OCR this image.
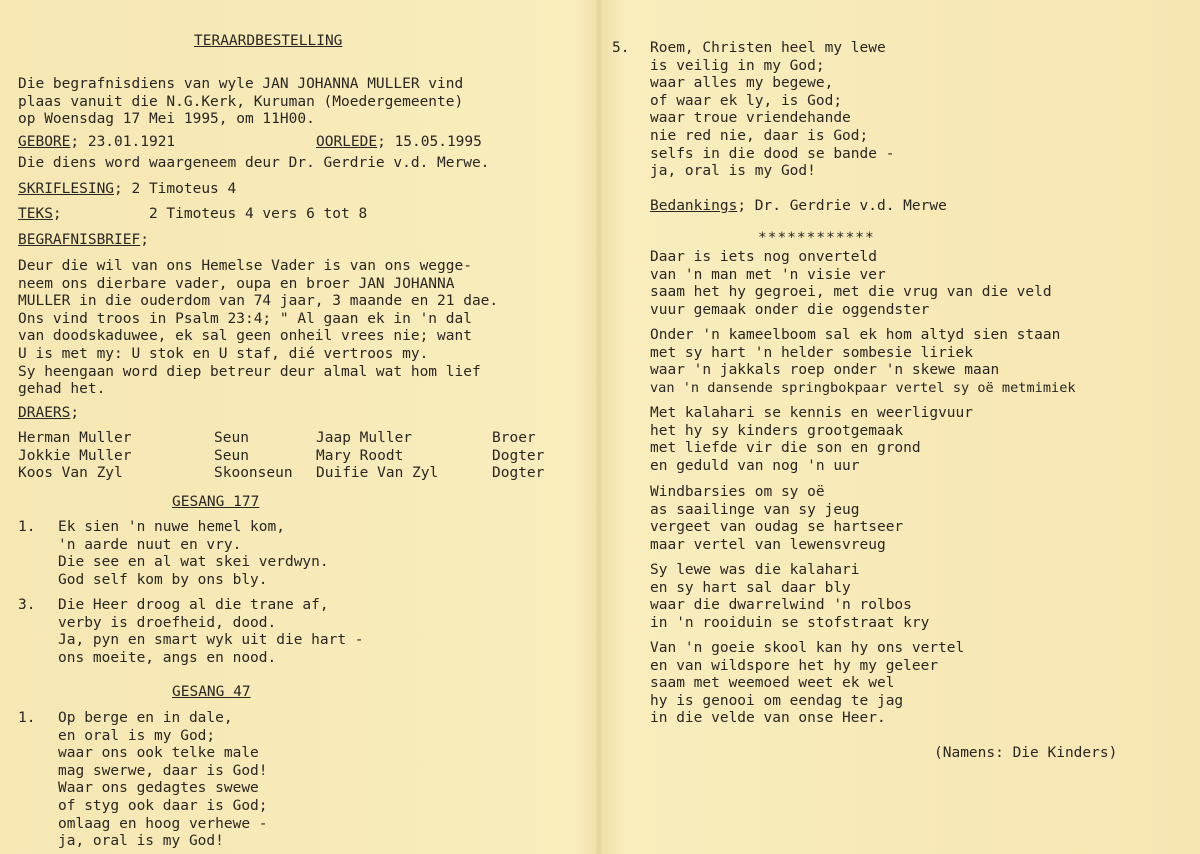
TERAARDBESTELLING
Die begrafnisdiens van wyle JAN JOHANNA MULLER vind
plaas vanuit die N.G.Kerk, Kuruman (Moedergemeente)
op Woensdag 17 Mei 1995, om 11H00.
GEBORE; 23.01.1921	OORLEDE; 15.05.1995
Die diens word waargeneem deur Dr. Gerdrie v.d. Merwe.
SKRIFLESING; 2 Timoteus 4
TEKS;          2 Timoteus 4 vers 6 tot 8
BEGRAFNISBRIEF;
Deur die wil van ons Hemelse Vader is van ons wegge-
neem ons dierbare vader, oupa en broer JAN JOHANNA
MULLER in die ouderdom van 74 jaar, 3 maande en 21 dae.
Ons vind troos in Psalm 23:4; " Al gaan ek in 'n dal
van doodskaduwee, ek sal geen onheil vrees nie; want
U is met my: U stok en U staf, dié vertroos my.
Sy heengaan word diep betreur deur almal wat hom lief
gehad het.
DRAERS;
Herman Muller	Seun	Jaap Muller	Broer
Jokkie Muller	Seun	Mary Roodt	Dogter
Koos Van Zyl	Skoonseun Duifie Van Zyl	Dogter
GESANG 177
1. Ek sien 'n nuwe hemel kom,
'n aarde nuut en vry.
Die see en al wat skei verdwyn.
God self kom by ons bly.
3. Die Heer droog al die trane af,
verby is droefheid, dood.
Ja, pyn en smart wyk uit die hart -
ons moeite, angs en nood.
GESANG 47
1. Op berge en in dale,
en oral is my God;
waar ons ook telke male
mag swerwe, daar is God!
Waar ons gedagtes swewe
of styg ook daar is God;
omlaag en hoog verhewe -
ja, oral is my God!
5. Roem, Christen heel my lewe
is veilig in my God;
waar alles my begewe,
of waar ek ly, is God;
waar troue vriendehande
nie red nie, daar is God;
selfs in die dood se bande -
ja, oral is my God!
Bedankings; Dr. Gerdrie v.d. Merwe
************
Daar is iets nog onverteld
van 'n man met 'n visie ver
saam het hy gegroei, met die vrug van die veld
vuur gemaak onder die oggendster
Onder 'n kameelboom sal ek hom altyd sien staan
met sy hart 'n helder sombesie liriek
waar 'n jakkals roep onder 'n skewe maan
van 'n dansende springbokpaar vertel sy oë metmimiek
Met kalahari se kennis en weerligvuur
het hy sy kinders grootgemaak
met liefde vir die son en grond
en geduld van nog 'n uur
Windbarsies om sy oë
as saailinge van sy jeug
vergeet van oudag se hartseer
maar vertel van lewensvreug
Sy lewe was die kalahari
en sy hart sal daar bly
waar die dwarrelwind 'n rolbos
in 'n rooiduin se stofstraat kry
Van 'n goeie skool kan hy ons vertel
en van wildspore het hy my geleer
saam met weemoed weet ek wel
hy is genooi om eendag te jag
in die velde van onse Heer.
(Namens: Die Kinders)
